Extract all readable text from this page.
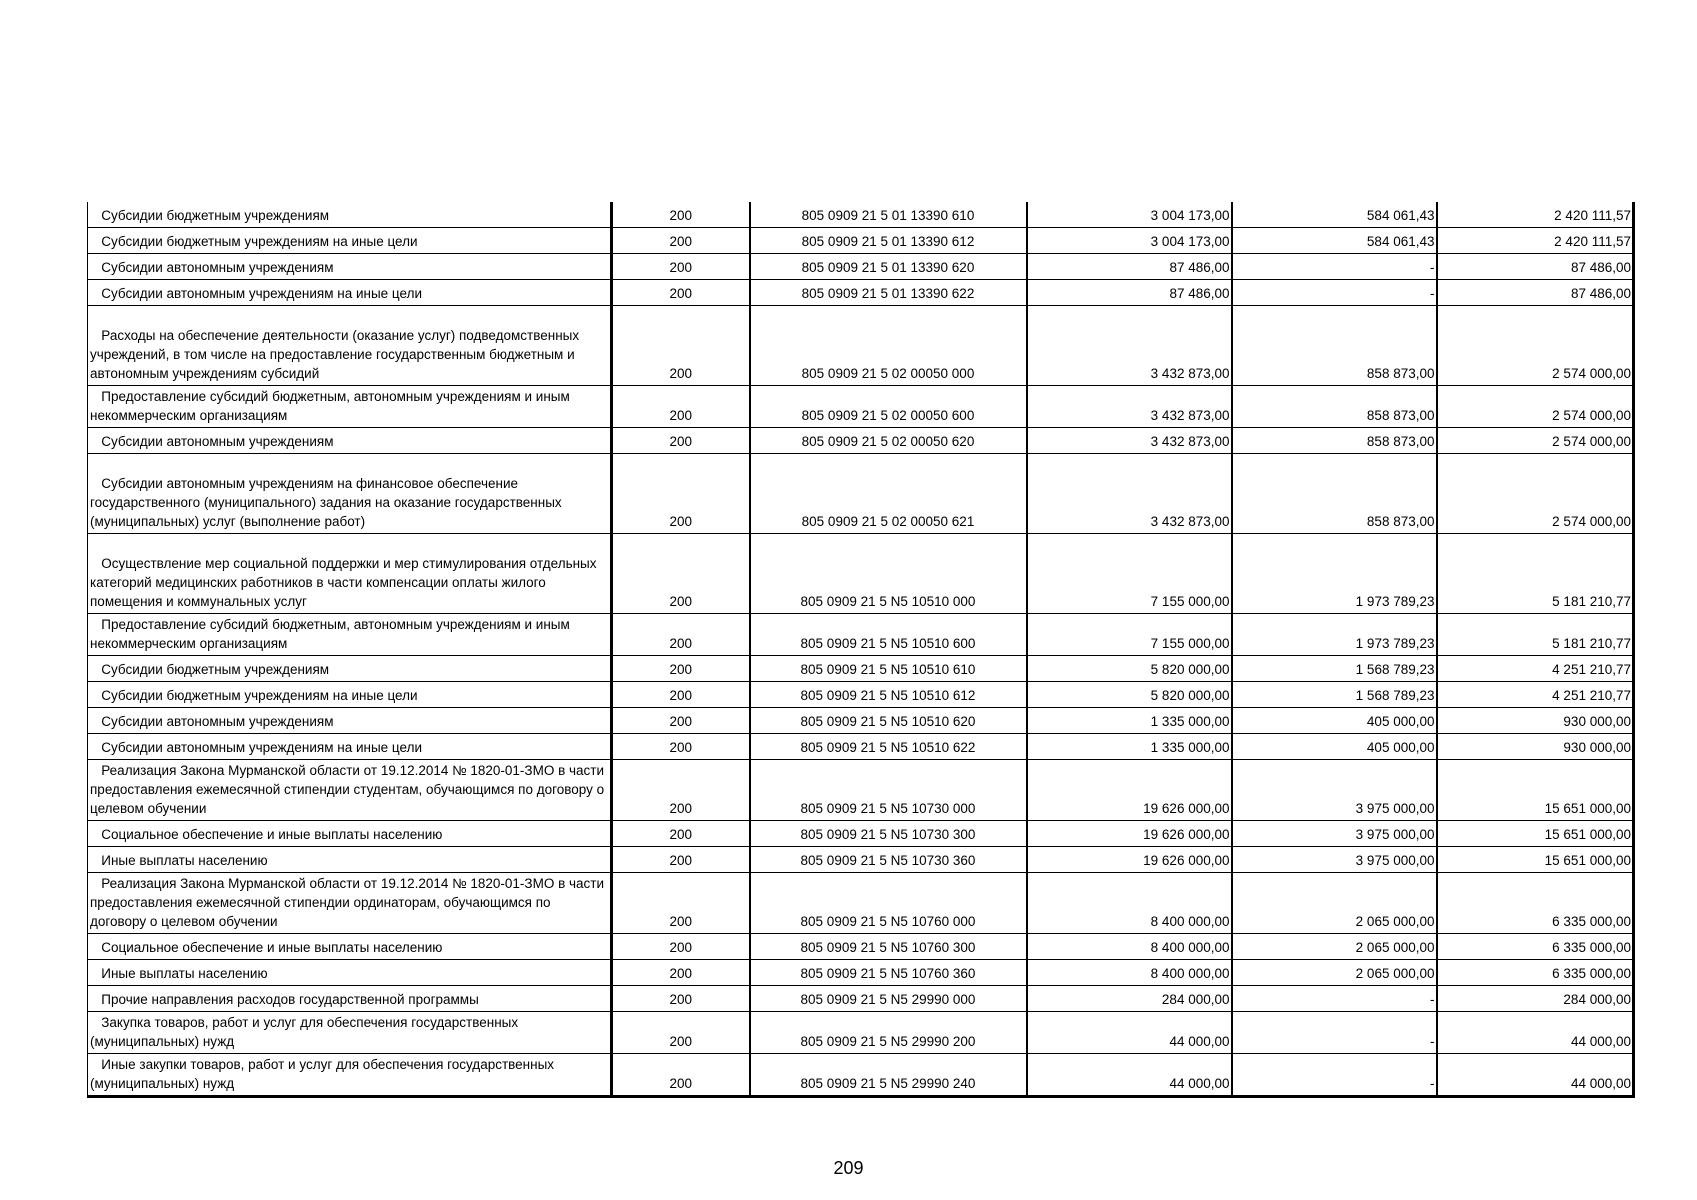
Субсидии бюджетным учреждениям	200	805 0909 21 5 01 13390 610	3 004 173,00	584 061,43	2 420 111,57
Субсидии бюджетным учреждениям на иные цели	200	805 0909 21 5 01 13390 612	3 004 173,00	584 061,43	2 420 111,57
Субсидии автономным учреждениям	200	805 0909 21 5 01 13390 620	87 486,00	-	87 486,00
Субсидии автономным учреждениям на иные цели	200	805 0909 21 5 01 13390 622	87 486,00	-	87 486,00
Расходы на обеспечение деятельности (оказание услуг) подведомственных учреждений, в том числе на предоставление государственным бюджетным и автономным учреждениям субсидий	200	805 0909 21 5 02 00050 000	3 432 873,00	858 873,00	2 574 000,00
Предоставление субсидий бюджетным, автономным учреждениям и иным некоммерческим организациям	200	805 0909 21 5 02 00050 600	3 432 873,00	858 873,00	2 574 000,00
Субсидии автономным учреждениям	200	805 0909 21 5 02 00050 620	3 432 873,00	858 873,00	2 574 000,00
Субсидии автономным учреждениям на финансовое обеспечение государственного (муниципального) задания на оказание государственных (муниципальных) услуг (выполнение работ)	200	805 0909 21 5 02 00050 621	3 432 873,00	858 873,00	2 574 000,00
Осуществление мер социальной поддержки и мер стимулирования отдельных категорий медицинских работников в части компенсации оплаты жилого помещения и коммунальных услуг	200	805 0909 21 5 N5 10510 000	7 155 000,00	1 973 789,23	5 181 210,77
Предоставление субсидий бюджетным, автономным учреждениям и иным некоммерческим организациям	200	805 0909 21 5 N5 10510 600	7 155 000,00	1 973 789,23	5 181 210,77
Субсидии бюджетным учреждениям	200	805 0909 21 5 N5 10510 610	5 820 000,00	1 568 789,23	4 251 210,77
Субсидии бюджетным учреждениям на иные цели	200	805 0909 21 5 N5 10510 612	5 820 000,00	1 568 789,23	4 251 210,77
Субсидии автономным учреждениям	200	805 0909 21 5 N5 10510 620	1 335 000,00	405 000,00	930 000,00
Субсидии автономным учреждениям на иные цели	200	805 0909 21 5 N5 10510 622	1 335 000,00	405 000,00	930 000,00
Реализация Закона Мурманской области от 19.12.2014 № 1820-01-ЗМО в части предоставления ежемесячной стипендии студентам, обучающимся по договору о целевом обучении	200	805 0909 21 5 N5 10730 000	19 626 000,00	3 975 000,00	15 651 000,00
Социальное обеспечение и иные выплаты населению	200	805 0909 21 5 N5 10730 300	19 626 000,00	3 975 000,00	15 651 000,00
Иные выплаты населению	200	805 0909 21 5 N5 10730 360	19 626 000,00	3 975 000,00	15 651 000,00
Реализация Закона Мурманской области от 19.12.2014 № 1820-01-ЗМО в части предоставления ежемесячной стипендии ординаторам, обучающимся по договору о целевом обучении	200	805 0909 21 5 N5 10760 000	8 400 000,00	2 065 000,00	6 335 000,00
Социальное обеспечение и иные выплаты населению	200	805 0909 21 5 N5 10760 300	8 400 000,00	2 065 000,00	6 335 000,00
Иные выплаты населению	200	805 0909 21 5 N5 10760 360	8 400 000,00	2 065 000,00	6 335 000,00
Прочие направления расходов государственной программы	200	805 0909 21 5 N5 29990 000	284 000,00	-	284 000,00
Закупка товаров, работ и услуг для обеспечения государственных (муниципальных) нужд	200	805 0909 21 5 N5 29990 200	44 000,00	-	44 000,00
Иные закупки товаров, работ и услуг для обеспечения государственных (муниципальных) нужд	200	805 0909 21 5 N5 29990 240	44 000,00	-	44 000,00
209
